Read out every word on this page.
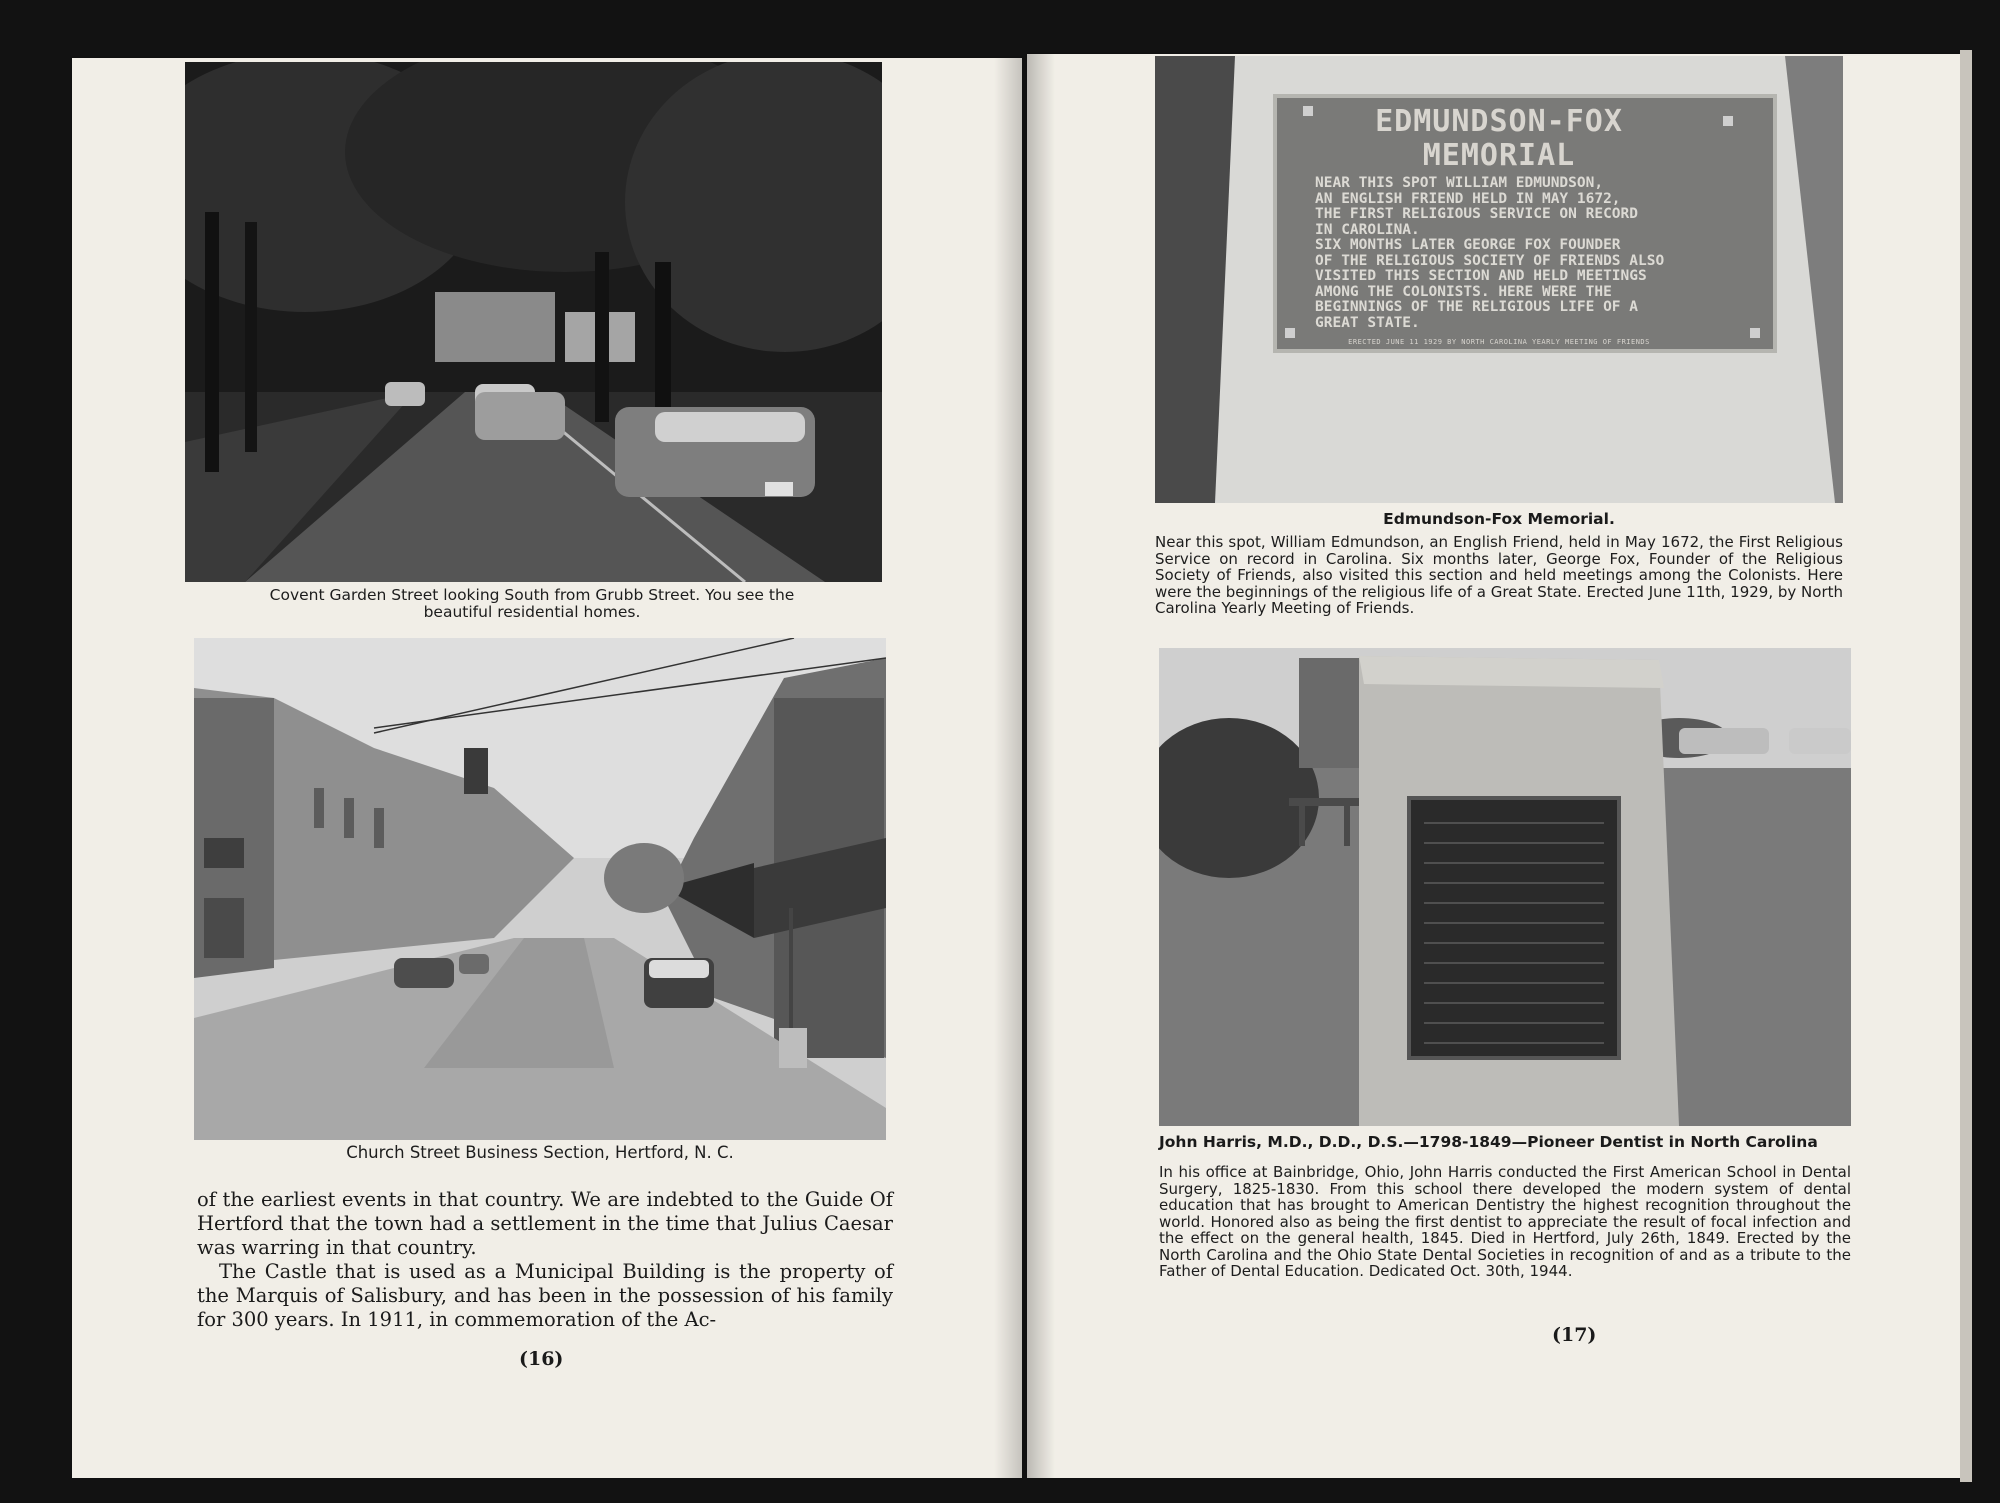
Covent Garden Street looking South from Grubb Street. You see the beautiful residential homes.
Church Street Business Section, Hertford, N. C.

of the earliest events in that country. We are indebted to the Guide Of Hertford that the town had a settlement in the time that Julius Caesar was warring in that country.

The Castle that is used as a Municipal Building is the property of the Marquis of Salisbury, and has been in the possession of his family for 300 years. In 1911, in commemoration of the Ac-

(16)
EDMUNDSON-FOX
MEMORIAL
NEAR THIS SPOT WILLIAM EDMUNDSON,
AN ENGLISH FRIEND HELD IN MAY 1672,
THE FIRST RELIGIOUS SERVICE ON RECORD
IN CAROLINA.
SIX MONTHS LATER GEORGE FOX FOUNDER
OF THE RELIGIOUS SOCIETY OF FRIENDS ALSO
VISITED THIS SECTION AND HELD MEETINGS
AMONG THE COLONISTS. HERE WERE THE
BEGINNINGS OF THE RELIGIOUS LIFE OF A
GREAT STATE.
ERECTED JUNE 11 1929 BY NORTH CAROLINA YEARLY MEETING OF FRIENDS
Edmundson-Fox Memorial.
Near this spot, William Edmundson, an English Friend, held in May 1672, the First Religious Service on record in Carolina. Six months later, George Fox, Founder of the Religious Society of Friends, also visited this section and held meetings among the Colonists. Here were the beginnings of the religious life of a Great State. Erected June 11th, 1929, by North Carolina Yearly Meeting of Friends.
John Harris, M.D., D.D., D.S.—1798-1849—Pioneer Dentist in North Carolina
In his office at Bainbridge, Ohio, John Harris conducted the First American School in Dental Surgery, 1825-1830. From this school there developed the modern system of dental education that has brought to American Dentistry the highest recognition throughout the world. Honored also as being the first dentist to appreciate the result of focal infection and the effect on the general health, 1845. Died in Hertford, July 26th, 1849. Erected by the North Carolina and the Ohio State Dental Societies in recognition of and as a tribute to the Father of Dental Education. Dedicated Oct. 30th, 1944.
(17)
